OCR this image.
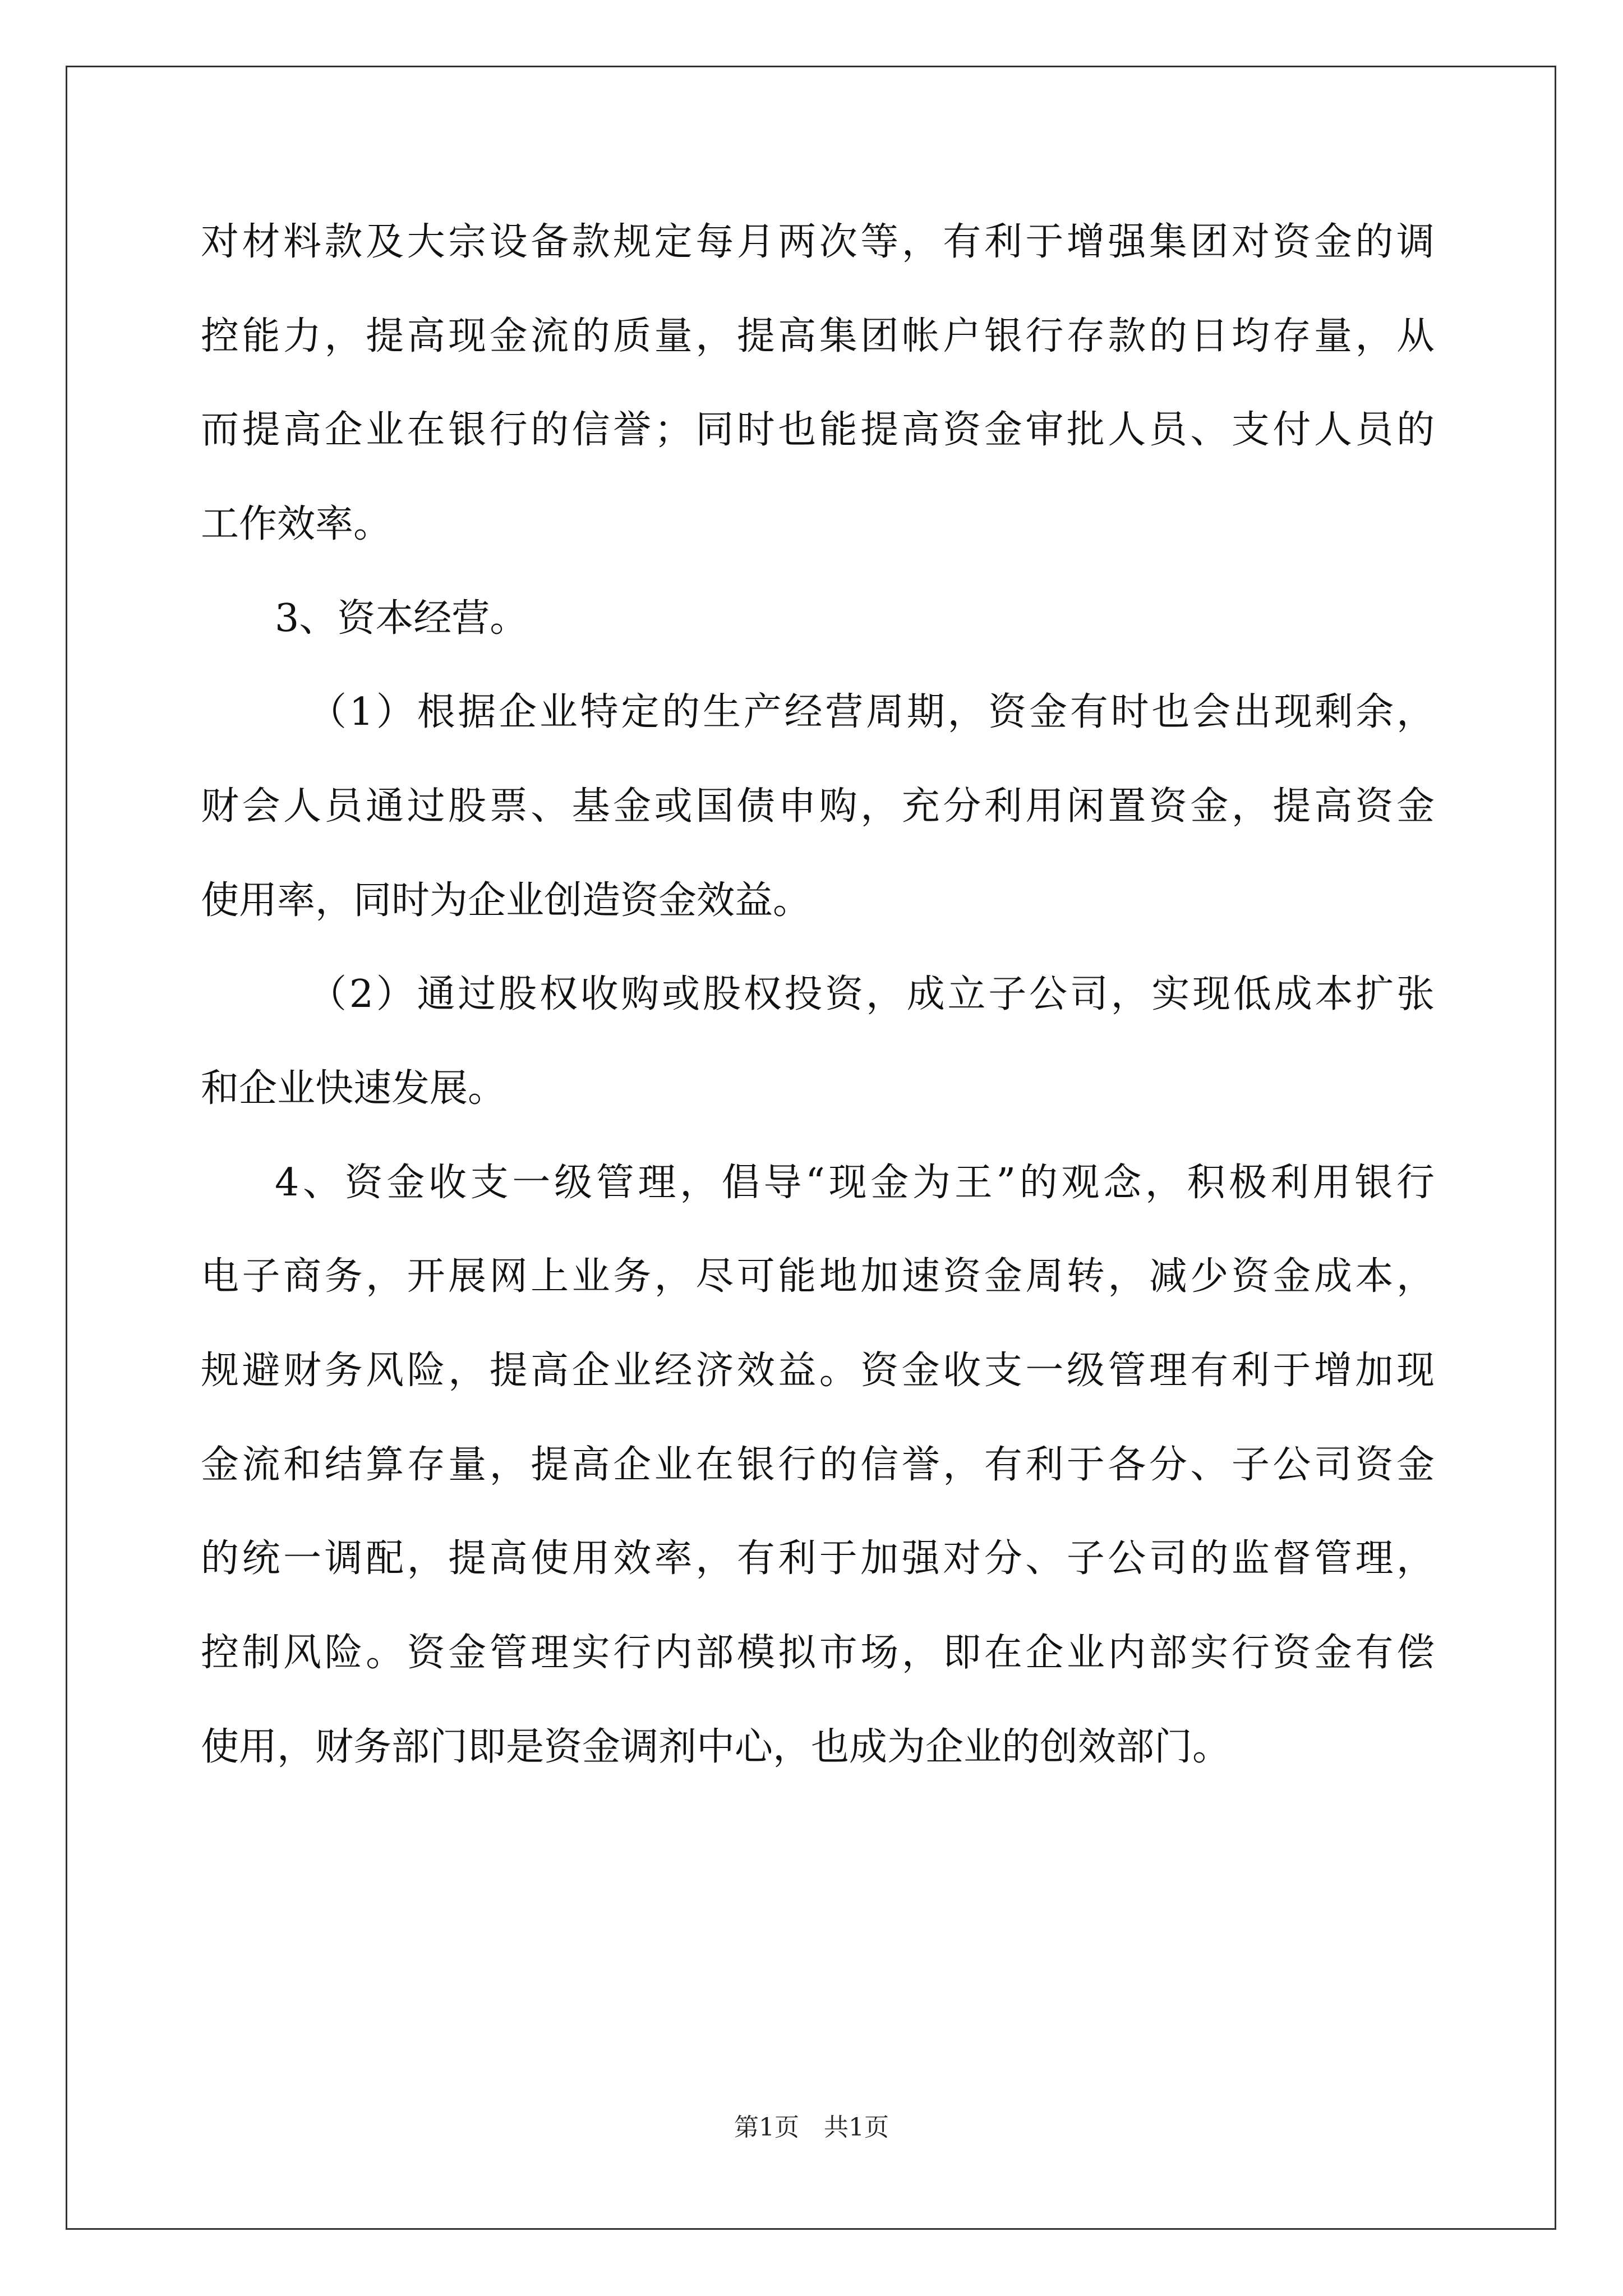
对材料款及大宗设备款规定每月两次等，有利于增强集团对资金的调
控能力，提高现金流的质量，提高集团帐户银行存款的日均存量，从
而提高企业在银行的信誉；同时也能提高资金审批人员、支付人员的
工作效率。
3、资本经营。
（1）根据企业特定的生产经营周期，资金有时也会出现剩余，
财会人员通过股票、基金或国债申购，充分利用闲置资金，提高资金
使用率，同时为企业创造资金效益。
（2）通过股权收购或股权投资，成立子公司，实现低成本扩张
和企业快速发展。
4、资金收支一级管理，倡导“现金为王”的观念，积极利用银行
电子商务，开展网上业务，尽可能地加速资金周转，减少资金成本，
规避财务风险，提高企业经济效益。资金收支一级管理有利于增加现
金流和结算存量，提高企业在银行的信誉，有利于各分、子公司资金
的统一调配，提高使用效率，有利于加强对分、子公司的监督管理，
控制风险。资金管理实行内部模拟市场，即在企业内部实行资金有偿
使用，财务部门即是资金调剂中心，也成为企业的创效部门。
第1页　共1页
